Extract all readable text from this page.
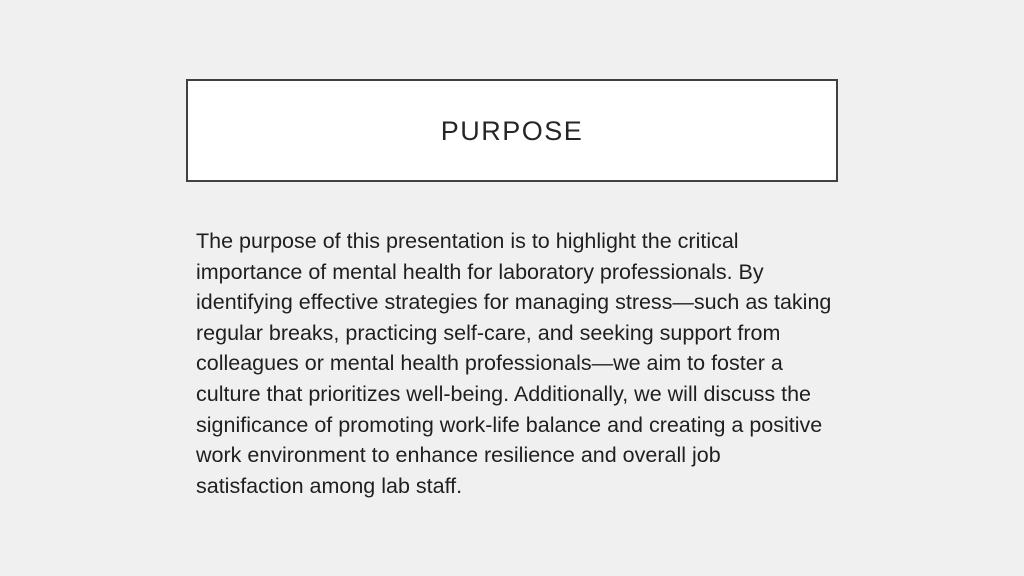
PURPOSE

The purpose of this presentation is to highlight the critical importance of mental health for laboratory professionals. By identifying effective strategies for managing stress—such as taking regular breaks, practicing self-care, and seeking support from colleagues or mental health professionals—we aim to foster a culture that prioritizes well-being. Additionally, we will discuss the significance of promoting work-life balance and creating a positive work environment to enhance resilience and overall job satisfaction among lab staff.
